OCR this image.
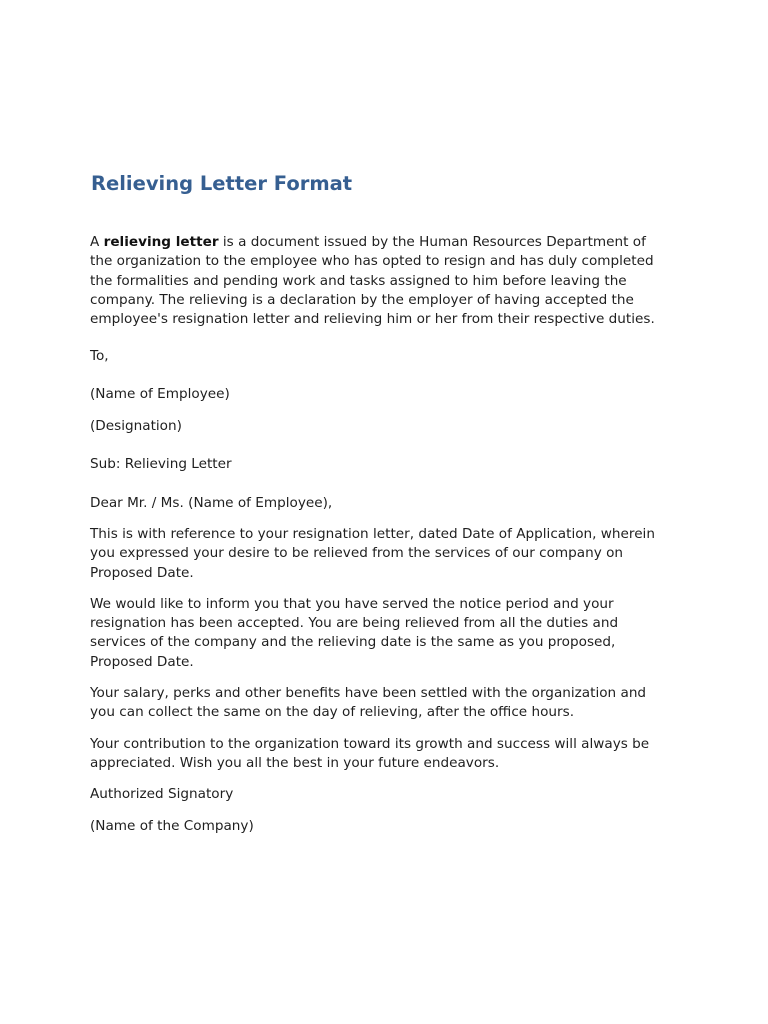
Relieving Letter Format

A relieving letter is a document issued by the Human Resources Department of
the organization to the employee who has opted to resign and has duly completed
the formalities and pending work and tasks assigned to him before leaving the
company. The relieving is a declaration by the employer of having accepted the
employee's resignation letter and relieving him or her from their respective duties.

To,

(Name of Employee)

(Designation)

Sub: Relieving Letter

Dear Mr. / Ms. (Name of Employee),

This is with reference to your resignation letter, dated Date of Application, wherein
you expressed your desire to be relieved from the services of our company on
Proposed Date.

We would like to inform you that you have served the notice period and your
resignation has been accepted. You are being relieved from all the duties and
services of the company and the relieving date is the same as you proposed,
Proposed Date.

Your salary, perks and other benefits have been settled with the organization and
you can collect the same on the day of relieving, after the office hours.

Your contribution to the organization toward its growth and success will always be
appreciated. Wish you all the best in your future endeavors.

Authorized Signatory

(Name of the Company)
